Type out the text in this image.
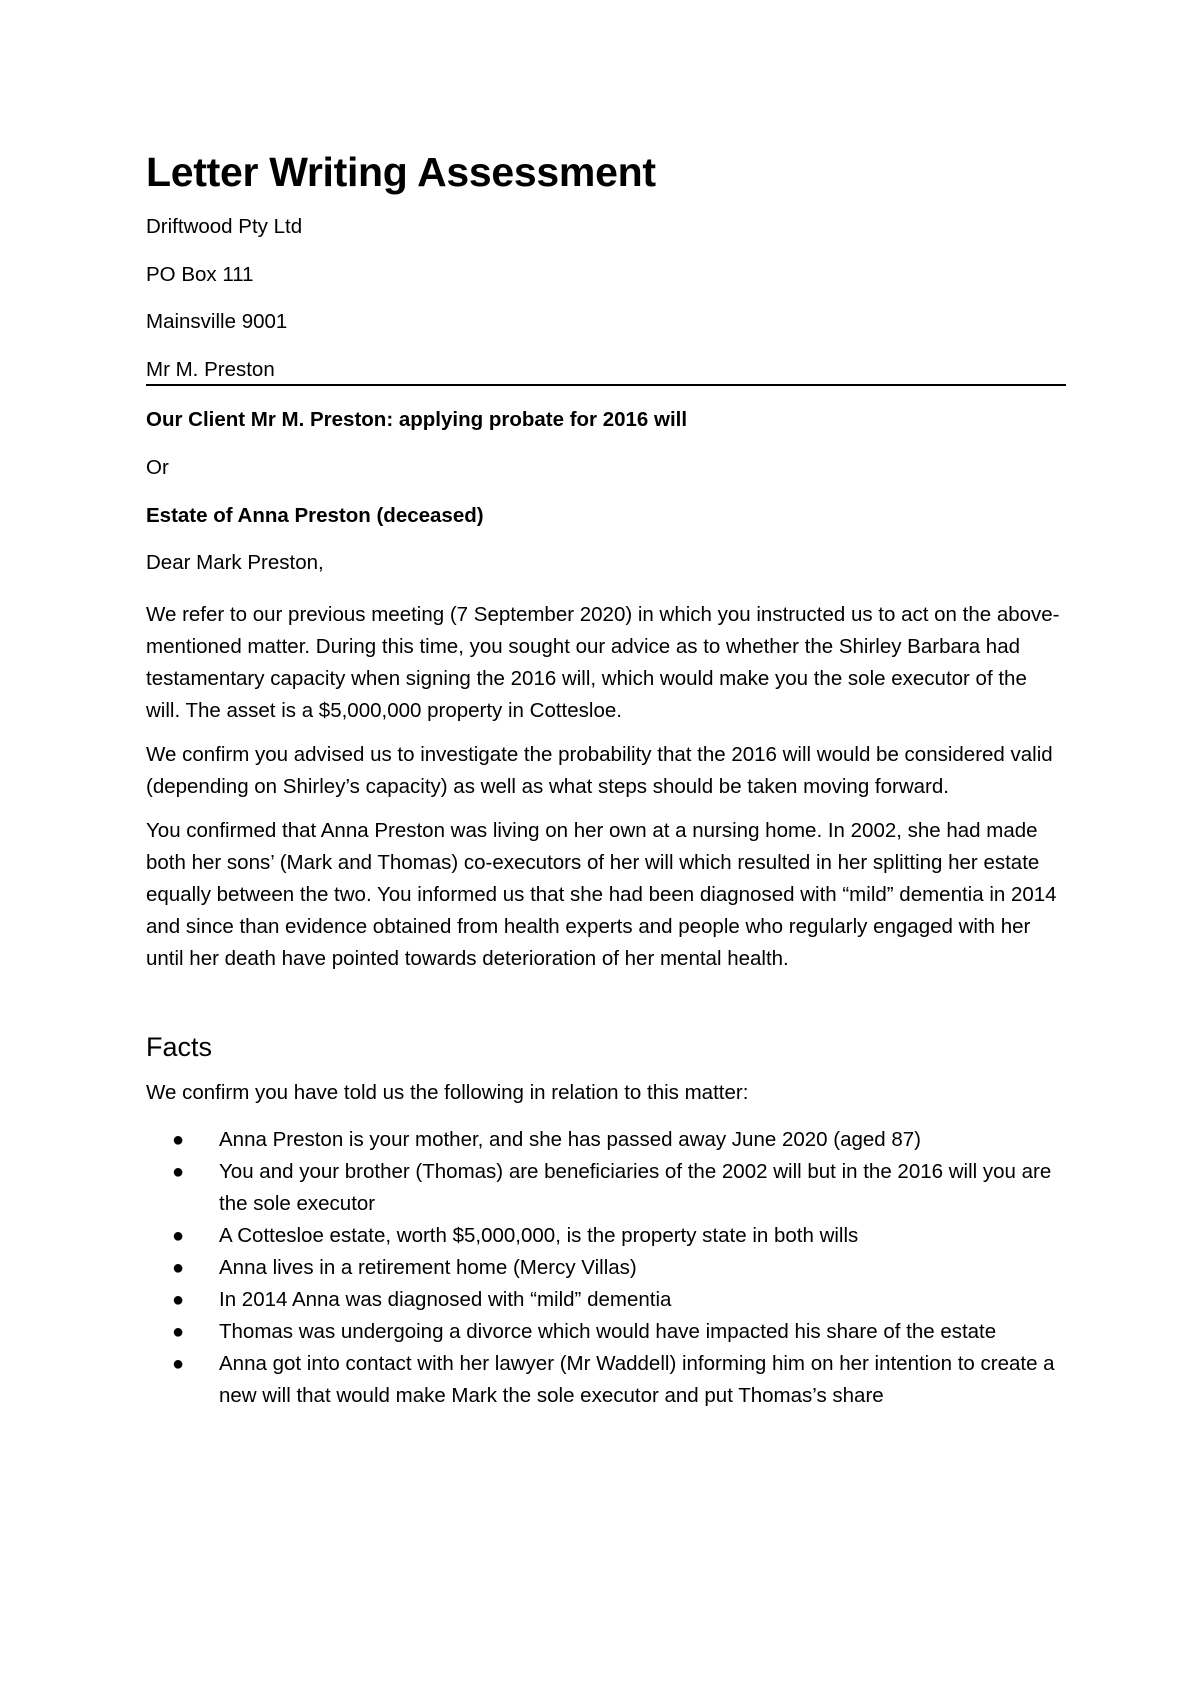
Letter Writing Assessment

Driftwood Pty Ltd

PO Box 111

Mainsville 9001

Mr M. Preston

Our Client Mr M. Preston: applying probate for 2016 will

Or

Estate of Anna Preston (deceased)

Dear Mark Preston,

We refer to our previous meeting (7 September 2020) in which you instructed us to act on the above-mentioned matter. During this time, you sought our advice as to whether the Shirley Barbara had testamentary capacity when signing the 2016 will, which would make you the sole executor of the will. The asset is a $5,000,000 property in Cottesloe.

We confirm you advised us to investigate the probability that the 2016 will would be considered valid (depending on Shirley’s capacity) as well as what steps should be taken moving forward.

You confirmed that Anna Preston was living on her own at a nursing home. In 2002, she had made both her sons’ (Mark and Thomas) co-executors of her will which resulted in her splitting her estate equally between the two. You informed us that she had been diagnosed with “mild” dementia in 2014 and since than evidence obtained from health experts and people who regularly engaged with her until her death have pointed towards deterioration of her mental health.

Facts

We confirm you have told us the following in relation to this matter:

● Anna Preston is your mother, and she has passed away June 2020 (aged 87)
● You and your brother (Thomas) are beneficiaries of the 2002 will but in the 2016 will you are the sole executor
● A Cottesloe estate, worth $5,000,000, is the property state in both wills
● Anna lives in a retirement home (Mercy Villas)
● In 2014 Anna was diagnosed with “mild” dementia
● Thomas was undergoing a divorce which would have impacted his share of the estate
● Anna got into contact with her lawyer (Mr Waddell) informing him on her intention to create a new will that would make Mark the sole executor and put Thomas’s share
